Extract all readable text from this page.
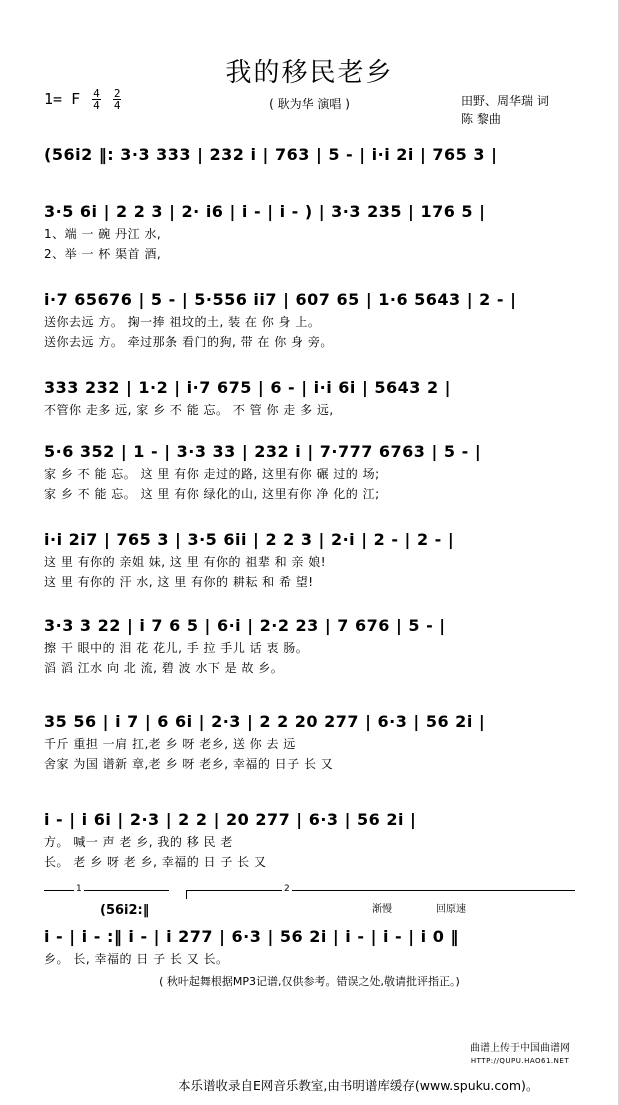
我的移民老乡
( 耿为华 演唱 )
1= F $\frac{4}{4} \frac{2}{4}$	田野、周华瑞 词
陈 黎曲
(56i2 ‖: 3·3 333 | 232 i | 763 | 5 - | i·i 2i | 765 3 |
3·5 6i | 2 2 3 | 2· i6 | i - | i - ) | 3·3 235 | 176 5 |
1、端 一 碗 丹江 水,
2、举 一 杯 渠首 酒,
i·7 65676 | 5 - | 5·556 ii7 | 607 65 | 1·6 5643 | 2 - |
送你去远 方。 掬一捧 祖坟的土, 装 在 你 身 上。
送你去远 方。 牵过那条 看门的狗, 带 在 你 身 旁。
333 232 | 1·2 | i·7 675 | 6 - | i·i 6i | 5643 2 |
不管你 走多 远, 家 乡 不 能 忘。 不 管 你 走 多 远,
5·6 352 | 1 - | 3·3 33 | 232 i | 7·777 6763 | 5 - |
家 乡 不 能 忘。 这 里 有你 走过的路, 这里有你 碾 过的 场;
家 乡 不 能 忘。 这 里 有你 绿化的山, 这里有你 净 化的 江;
i·i 2i7 | 765 3 | 3·5 6ii | 2 2 3 | 2·i | 2 - | 2 - |
这 里 有你的 亲姐 妹, 这 里 有你的 祖辈 和 亲 娘!
这 里 有你的 汗 水, 这 里 有你的 耕耘 和 希 望!
3·3 3 22 | i 7 6 5 | 6·i | 2·2 23 | 7 676 | 5 - |
擦 干 眼中的 泪 花 花儿, 手 拉 手儿 话 衷 肠。
滔 滔 江水 向 北 流, 碧 波 水下 是 故 乡。
35 56 | i 7 | 6 6i | 2·3 | 2 2 20 277 | 6·3 | 56 2i |
千斤 重担 一肩 扛,老 乡 呀 老乡, 送 你 去 远
舍家 为国 谱新 章,老 乡 呀 老乡, 幸福的 日子 长 又
i - | i 6i | 2·3 | 2 2 | 20 277 | 6·3 | 56 2i |
方。 喊一 声 老 乡, 我的 移 民 老
长。 老 乡 呀 老 乡, 幸福的 日 子 长 又
i - | i - :‖ i - | i 277 | 6·3 | 56 2i | i - | i - | i 0 ‖
乡。 长, 幸福的 日 子 长 又 长。
1	2
(56i2:‖	渐慢	回原速
( 秋叶起舞根据MP3记谱,仅供参考。错误之处,敬请批评指正。)
曲谱上传于中国曲谱网
HTTP://QUPU.HAO61.NET
本乐谱收录自E网音乐教室,由书明谱库缓存(www.spuku.com)。
